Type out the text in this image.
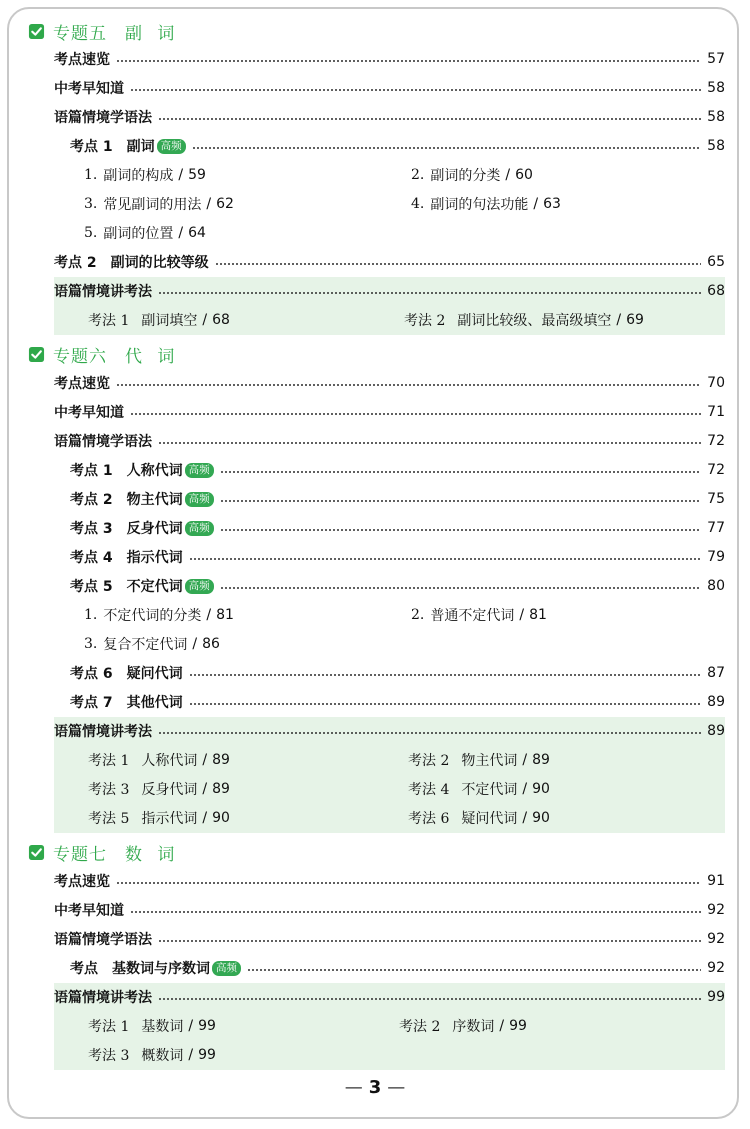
专题五 副 词
考点速览	57
中考早知道	58
语篇情境学语法	58
考点 1 副词 高频	58
1. 副词的构成 / 59	2. 副词的分类 / 60
3. 常见副词的用法 / 62	4. 副词的句法功能 / 63
5. 副词的位置 / 64
考点 2 副词的比较等级	65
语篇情境讲考法	68
考法 1 副词填空 / 68	考法 2 副词比较级、最高级填空 / 69
专题六 代 词
考点速览	70
中考早知道	71
语篇情境学语法	72
考点 1 人称代词 高频	72
考点 2 物主代词 高频	75
考点 3 反身代词 高频	77
考点 4 指示代词	79
考点 5 不定代词 高频	80
1. 不定代词的分类 / 81	2. 普通不定代词 / 81
3. 复合不定代词 / 86
考点 6 疑问代词	87
考点 7 其他代词	89
语篇情境讲考法	89
考法 1 人称代词 / 89	考法 2 物主代词 / 89
考法 3 反身代词 / 89	考法 4 不定代词 / 90
考法 5 指示代词 / 90	考法 6 疑问代词 / 90
专题七 数 词
考点速览	91
中考早知道	92
语篇情境学语法	92
考点 基数词与序数词 高频	92
语篇情境讲考法	99
考法 1 基数词 / 99	考法 2 序数词 / 99
考法 3 概数词 / 99
— 3 —
